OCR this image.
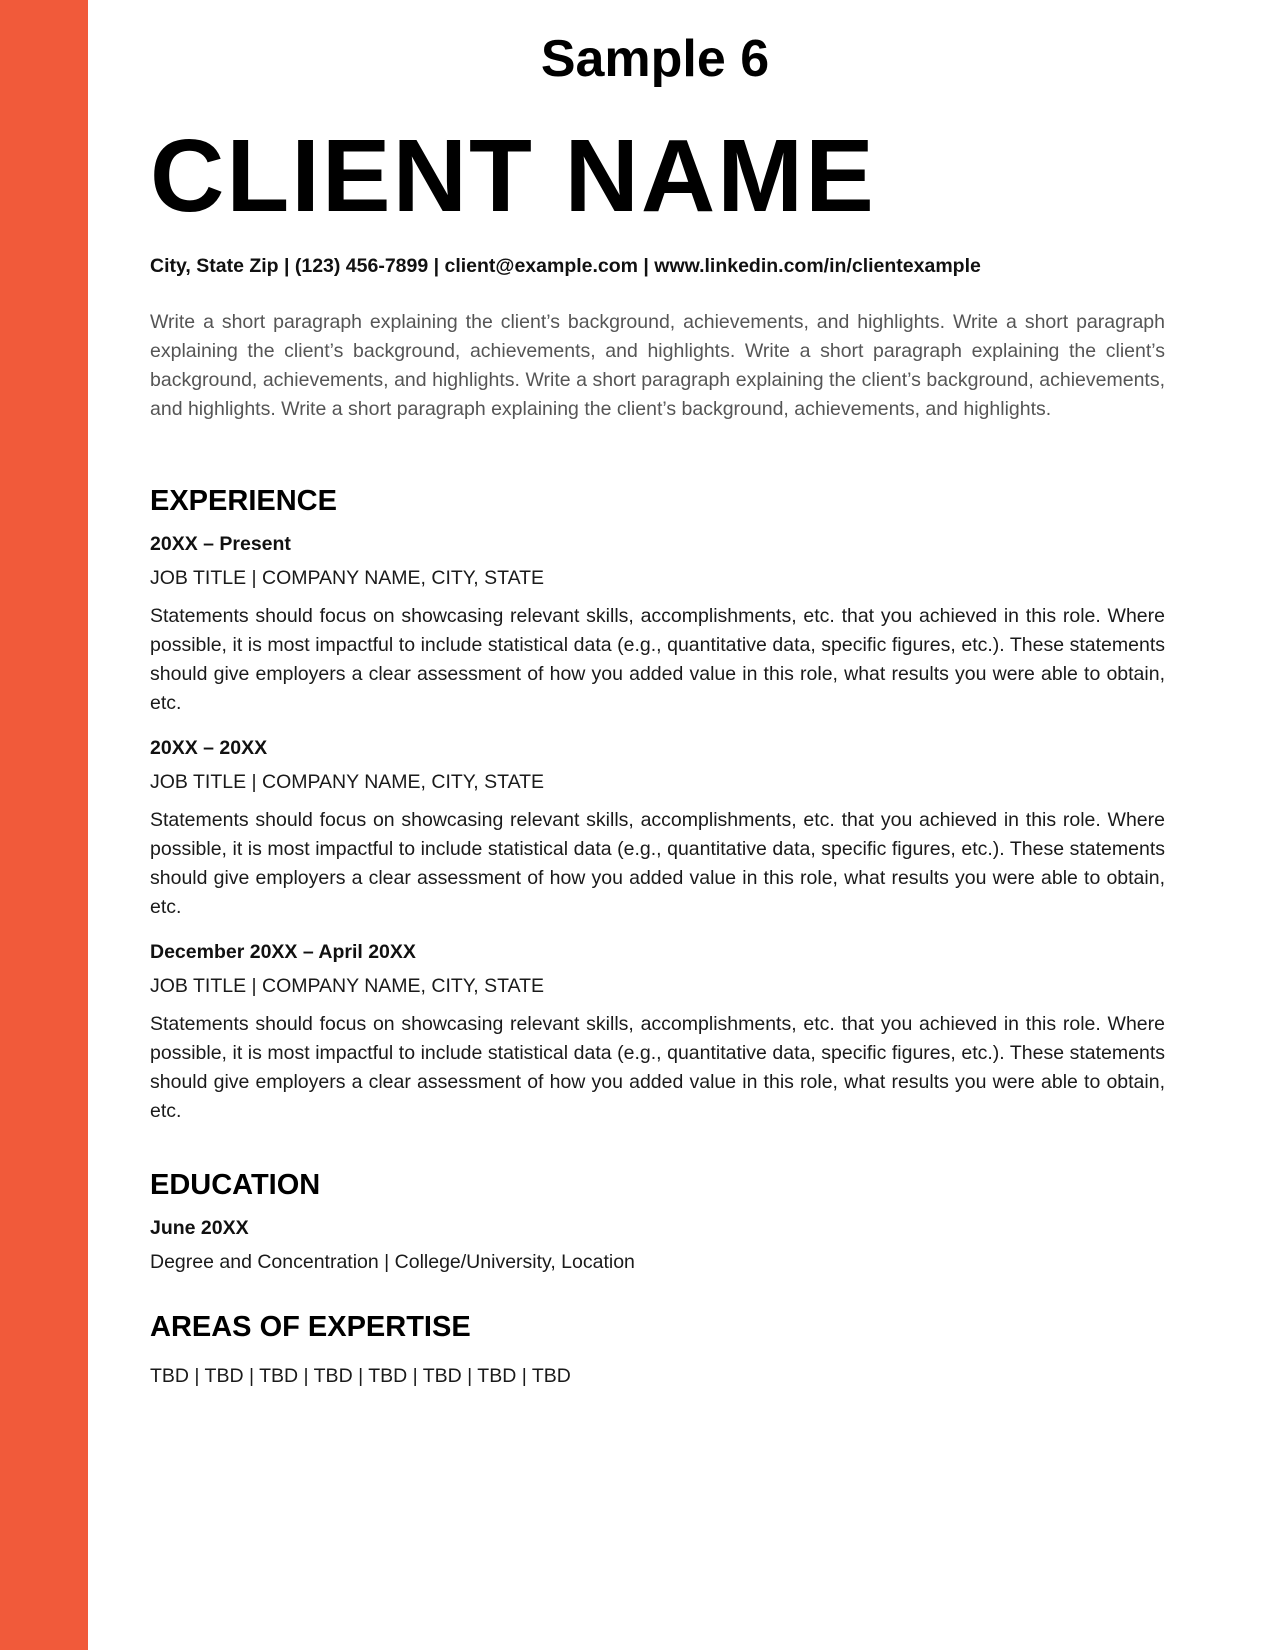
Sample 6
CLIENT NAME
City, State Zip | (123) 456-7899 | client@example.com | www.linkedin.com/in/clientexample

Write a short paragraph explaining the client’s background, achievements, and highlights. Write a short paragraph explaining the client’s background, achievements, and highlights. Write a short paragraph explaining the client’s background, achievements, and highlights. Write a short paragraph explaining the client’s background, achievements, and highlights. Write a short paragraph explaining the client’s background, achievements, and highlights.

EXPERIENCE
20XX – Present
JOB TITLE | COMPANY NAME, CITY, STATE
Statements should focus on showcasing relevant skills, accomplishments, etc. that you achieved in this role. Where possible, it is most impactful to include statistical data (e.g., quantitative data, specific figures, etc.). These statements should give employers a clear assessment of how you added value in this role, what results you were able to obtain, etc.
20XX – 20XX
JOB TITLE | COMPANY NAME, CITY, STATE
Statements should focus on showcasing relevant skills, accomplishments, etc. that you achieved in this role. Where possible, it is most impactful to include statistical data (e.g., quantitative data, specific figures, etc.). These statements should give employers a clear assessment of how you added value in this role, what results you were able to obtain, etc.
December 20XX – April 20XX
JOB TITLE | COMPANY NAME, CITY, STATE
Statements should focus on showcasing relevant skills, accomplishments, etc. that you achieved in this role. Where possible, it is most impactful to include statistical data (e.g., quantitative data, specific figures, etc.). These statements should give employers a clear assessment of how you added value in this role, what results you were able to obtain, etc.
EDUCATION
June 20XX
Degree and Concentration | College/University, Location
AREAS OF EXPERTISE
TBD | TBD | TBD | TBD | TBD | TBD | TBD | TBD
